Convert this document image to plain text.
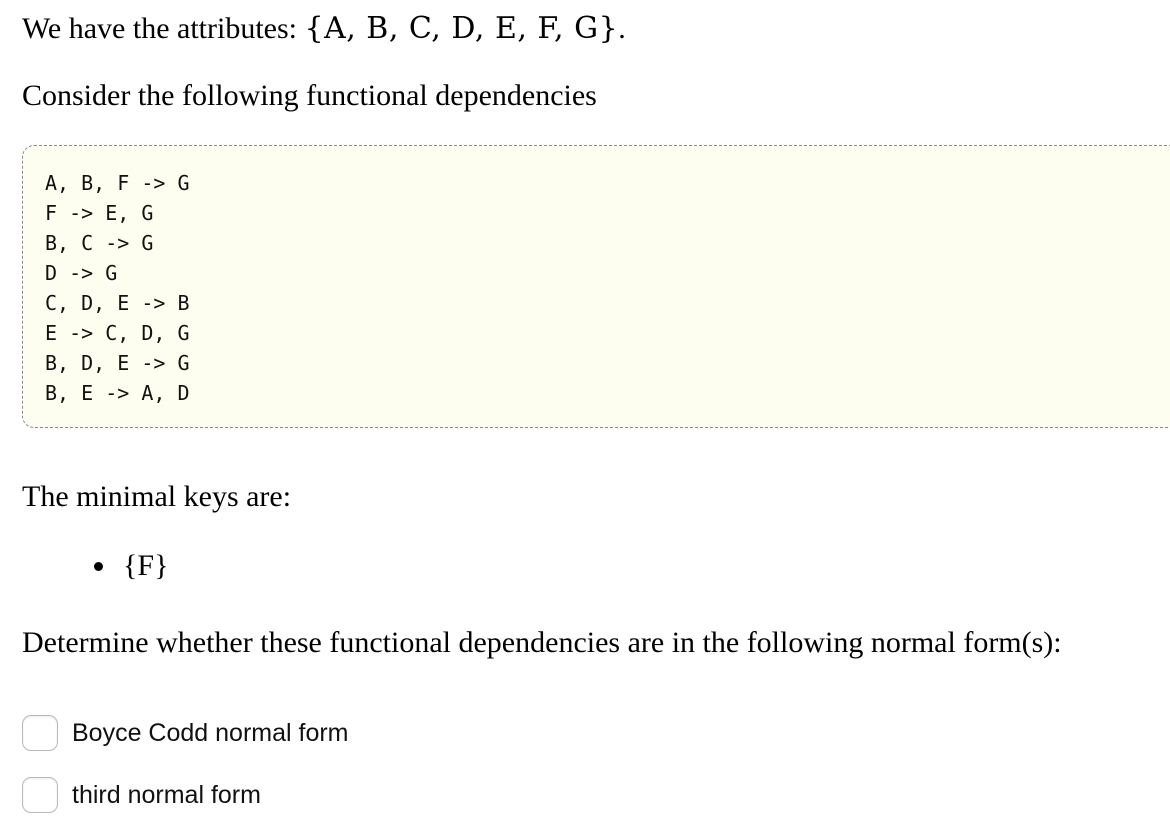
We have the attributes: {A, B, C, D, E, F, G}.
Consider the following functional dependencies
A, B, F -> G
F -> E, G
B, C -> G
D -> G
C, D, E -> B
E -> C, D, G
B, D, E -> G
B, E -> A, D
The minimal keys are:
{F}
Determine whether these functional dependencies are in the following normal form(s):
Boyce Codd normal form
third normal form
